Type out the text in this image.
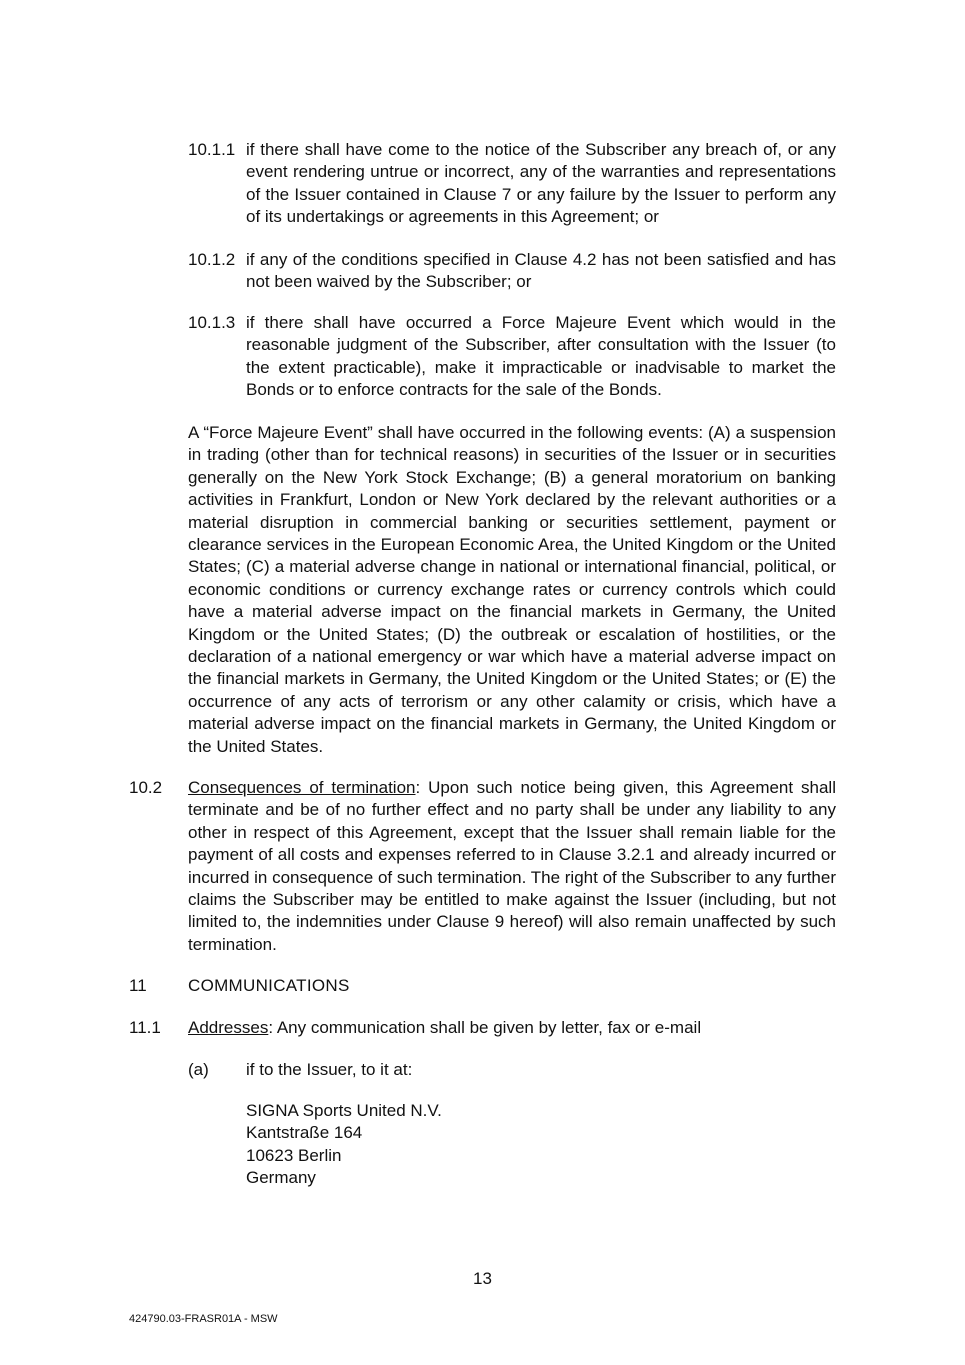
10.1.1 if there shall have come to the notice of the Subscriber any breach of, or any event rendering untrue or incorrect, any of the warranties and representations of the Issuer contained in Clause 7 or any failure by the Issuer to perform any of its undertakings or agreements in this Agreement; or

10.1.2 if any of the conditions specified in Clause 4.2 has not been satisfied and has not been waived by the Subscriber; or

10.1.3 if there shall have occurred a Force Majeure Event which would in the reasonable judgment of the Subscriber, after consultation with the Issuer (to the extent practicable), make it impracticable or inadvisable to market the Bonds or to enforce contracts for the sale of the Bonds.

A “Force Majeure Event” shall have occurred in the following events: (A) a suspension in trading (other than for technical reasons) in securities of the Issuer or in securities generally on the New York Stock Exchange; (B) a general moratorium on banking activities in Frankfurt, London or New York declared by the relevant authorities or a material disruption in commercial banking or securities settlement, payment or clearance services in the European Economic Area, the United Kingdom or the United States; (C) a material adverse change in national or international financial, political, or economic conditions or currency exchange rates or currency controls which could have a material adverse impact on the financial markets in Germany, the United Kingdom or the United States; (D) the outbreak or escalation of hostilities, or the declaration of a national emergency or war which have a material adverse impact on the financial markets in Germany, the United Kingdom or the United States; or (E) the occurrence of any acts of terrorism or any other calamity or crisis, which have a material adverse impact on the financial markets in Germany, the United Kingdom or the United States.

10.2 Consequences of termination: Upon such notice being given, this Agreement shall terminate and be of no further effect and no party shall be under any liability to any other in respect of this Agreement, except that the Issuer shall remain liable for the payment of all costs and expenses referred to in Clause 3.2.1 and already incurred or incurred in consequence of such termination. The right of the Subscriber to any further claims the Subscriber may be entitled to make against the Issuer (including, but not limited to, the indemnities under Clause 9 hereof) will also remain unaffected by such termination.

11 COMMUNICATIONS
11.1 Addresses: Any communication shall be given by letter, fax or e-mail

(a) if to the Issuer, to it at:

SIGNA Sports United N.V.
Kantstraße 164
10623 Berlin
Germany
13
424790.03-FRASR01A - MSW
